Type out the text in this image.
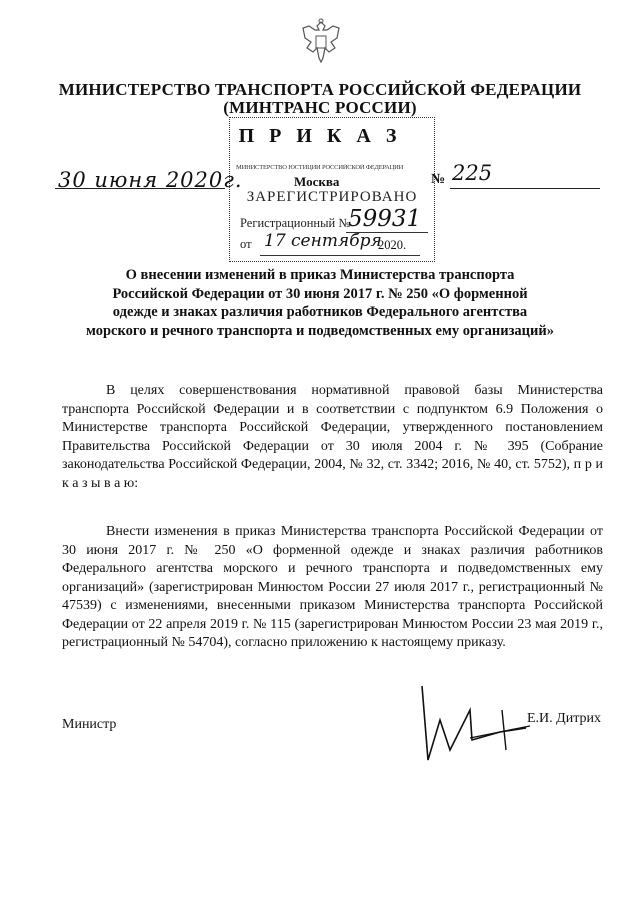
МИНИСТЕРСТВО ТРАНСПОРТА РОССИЙСКОЙ ФЕДЕРАЦИИ
(МИНТРАНС РОССИИ)
МИНИСТЕРСТВО ЮСТИЦИИ РОССИЙСКОЙ ФЕДЕРАЦИИ
ЗАРЕГИСТРИРОВАНО
Регистрационный №
59931
от 17 сентября
2020.
П Р И К А З
30 июня 2020г.	Москва	№ 225
О внесении изменений в приказ Министерства транспорта
Российской Федерации от 30 июня 2017 г. № 250 «О форменной
одежде и знаках различия работников Федерального агентства
морского и речного транспорта и подведомственных ему организаций»
В целях совершенствования нормативной правовой базы Министерства транспорта Российской Федерации и в соответствии с подпунктом 6.9 Положения о Министерстве транспорта Российской Федерации, утвержденного постановлением Правительства Российской Федерации от 30 июля 2004 г. № 395 (Собрание законодательства Российской Федерации, 2004, № 32, ст. 3342; 2016, № 40, ст. 5752), п р и к а з ы в а ю:
Внести изменения в приказ Министерства транспорта Российской Федерации от 30 июня 2017 г. № 250 «О форменной одежде и знаках различия работников Федерального агентства морского и речного транспорта и подведомственных ему организаций» (зарегистрирован Минюстом России 27 июля 2017 г., регистрационный № 47539) с изменениями, внесенными приказом Министерства транспорта Российской Федерации от 22 апреля 2019 г. № 115 (зарегистрирован Минюстом России 23 мая 2019 г., регистрационный № 54704), согласно приложению к настоящему приказу.
Министр	Е.И. Дитрих
